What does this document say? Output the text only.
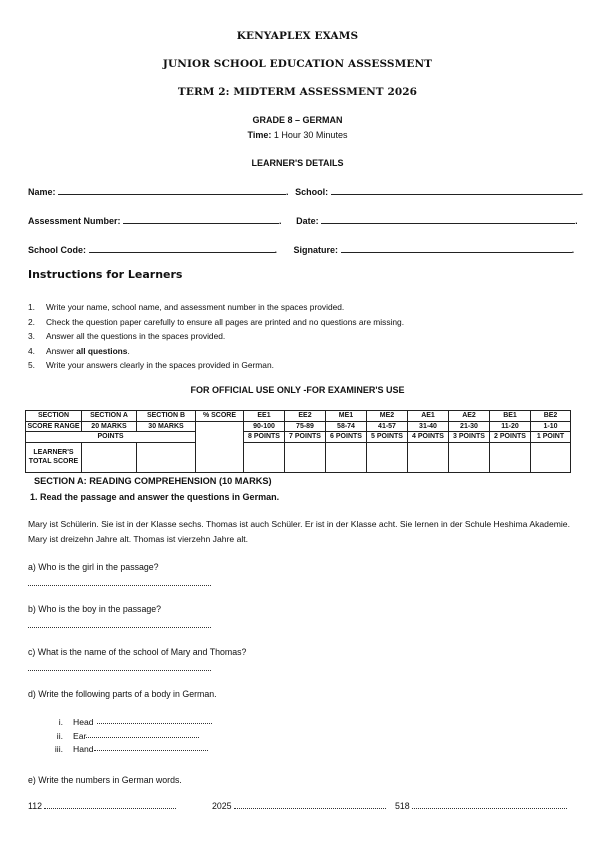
KENYAPLEX EXAMS
JUNIOR SCHOOL EDUCATION ASSESSMENT
TERM 2: MIDTERM ASSESSMENT 2026
GRADE 8 – GERMAN
Time: 1 Hour 30 Minutes
LEARNER'S DETAILS
Name:	. School:	.
Assessment Number:	. Date:	.
School Code:	. Signature:	.
Instructions for Learners
1.	Write your name, school name, and assessment number in the spaces provided.
2.	Check the question paper carefully to ensure all pages are printed and no questions are missing.
3.	Answer all the questions in the spaces provided.
4.	Answer all questions.
5.	Write your answers clearly in the spaces provided in German.
FOR OFFICIAL USE ONLY -FOR EXAMINER'S USE
SECTION	SECTION A	SECTION B	% SCORE	EE1	EE2	ME1	ME2	AE1	AE2	BE1	BE2
SCORE RANGE	20 MARKS	30 MARKS		90-100	75-89	58-74	41-57	31-40	21-30	11-20	1-10
POINTS				8 POINTS	7 POINTS	6 POINTS	5 POINTS	4 POINTS	3 POINTS	2 POINTS	1 POINT

LEARNER'S
TOTAL SCORE											

SECTION A: READING COMPREHENSION (10 MARKS)
1. Read the passage and answer the questions in German.
Mary ist Schülerin. Sie ist in der Klasse sechs. Thomas ist auch Schüler. Er ist in der Klasse acht. Sie lernen in der Schule Heshima Akademie.
Mary ist dreizehn Jahre alt. Thomas ist vierzehn Jahre alt.
a) Who is the girl in the passage?
b) Who is the boy in the passage?
c) What is the name of the school of Mary and Thomas?
d) Write the following parts of a body in German.
i. Head
ii. Ear
iii. Hand
e) Write the numbers in German words.
112	2025	518
